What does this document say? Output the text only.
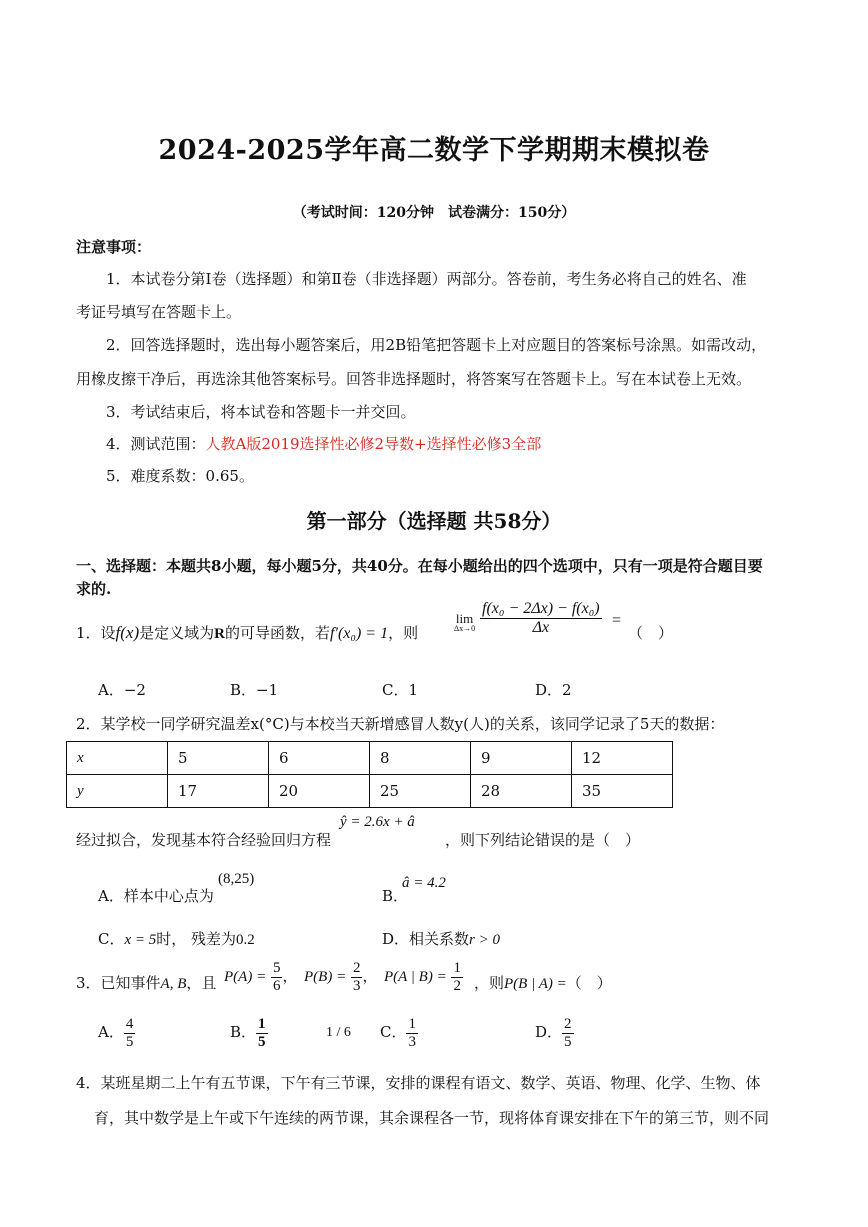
2024-2025学年高二数学下学期期末模拟卷
（考试时间：120分钟　试卷满分：150分）
注意事项：
1．本试卷分第Ⅰ卷（选择题）和第Ⅱ卷（非选择题）两部分。答卷前，考生务必将自己的姓名、准
考证号填写在答题卡上。
2．回答选择题时，选出每小题答案后，用2B铅笔把答题卡上对应题目的答案标号涂黑。如需改动，
用橡皮擦干净后，再选涂其他答案标号。回答非选择题时，将答案写在答题卡上。写在本试卷上无效。
3．考试结束后，将本试卷和答题卡一并交回。
4．测试范围：人教A版2019选择性必修2导数+选择性必修3全部
5．难度系数：0.65。
第一部分（选择题 共58分）
一、选择题：本题共8小题，每小题5分，共40分。在每小题给出的四个选项中，只有一项是符合题目要
求的.
1．设f(x)是定义域为R的可导函数，若f′(x₀) = 1，则
lim
$\Delta x\to 0 \frac{\text{f(x₀ − 2Δx) − f(x₀)}}{\Delta x}$ =
（　）
A．−2	B．−1	C．1	D．2
2．某学校一同学研究温差x(°C)与本校当天新增感冒人数y(人)的关系，该同学记录了5天的数据：
x	5	6	8	9	12
y	17	20	25	28	35
ŷ = 2.6x + â
经过拟合，发现基本符合经验回归方程	，则下列结论错误的是（　）
A．样本中心点为
(8,25)
B．
â = 4.2
C．x = 5时， 残差为0.2	D．相关系数r > 0
3．已知事件A, B，且 $P(A) = \frac{5}{6}$ ， $P(B) = \frac{2}{3}$ ， P(A | $B) = \frac{1}{2}$ ，则P(B | A) =（　）
A． $\frac{4}{5}$	B． $\frac{1}{5}$	1 / 6 C． $\frac{1}{3}$	D． $\frac{2}{5}$
4．某班星期二上午有五节课，下午有三节课，安排的课程有语文、数学、英语、物理、化学、生物、体
育，其中数学是上午或下午连续的两节课，其余课程各一节，现将体育课安排在下午的第三节，则不同
